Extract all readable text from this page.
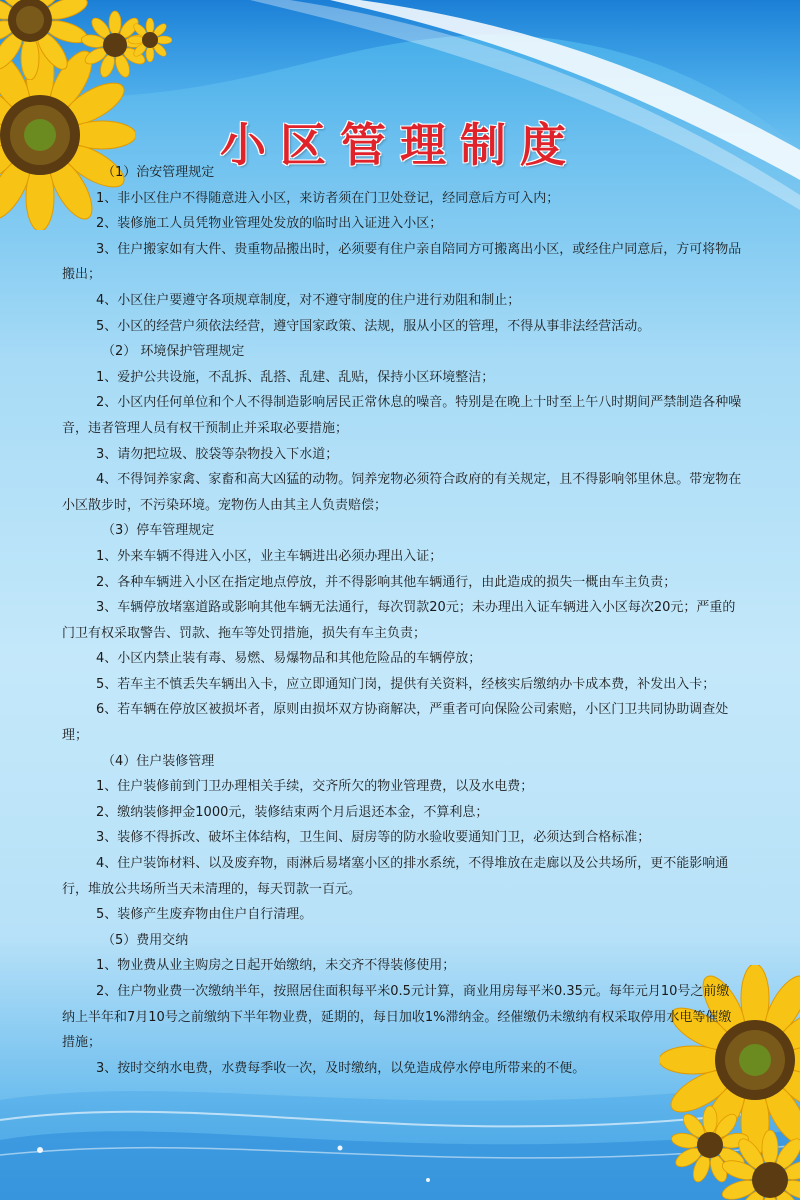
小区管理制度

（1）治安管理规定

1、非小区住户不得随意进入小区，来访者须在门卫处登记，经同意后方可入内；

2、装修施工人员凭物业管理处发放的临时出入证进入小区；

3、住户搬家如有大件、贵重物品搬出时，必须要有住户亲自陪同方可搬离出小区，或经住户同意后，方可将物品搬出；

4、小区住户要遵守各项规章制度，对不遵守制度的住户进行劝阻和制止；

5、小区的经营户须依法经营，遵守国家政策、法规，服从小区的管理，不得从事非法经营活动。

（2） 环境保护管理规定

1、爱护公共设施，不乱拆、乱搭、乱建、乱贴，保持小区环境整洁；

2、小区内任何单位和个人不得制造影响居民正常休息的噪音。特别是在晚上十时至上午八时期间严禁制造各种噪音，违者管理人员有权干预制止并采取必要措施；

3、请勿把垃圾、胶袋等杂物投入下水道；

4、不得饲养家禽、家畜和高大凶猛的动物。饲养宠物必须符合政府的有关规定，且不得影响邻里休息。带宠物在小区散步时，不污染环境。宠物伤人由其主人负责赔偿；

（3）停车管理规定

1、外来车辆不得进入小区，业主车辆进出必须办理出入证；

2、各种车辆进入小区在指定地点停放，并不得影响其他车辆通行，由此造成的损失一概由车主负责；

3、车辆停放堵塞道路或影响其他车辆无法通行，每次罚款20元；未办理出入证车辆进入小区每次20元；严重的门卫有权采取警告、罚款、拖车等处罚措施，损失有车主负责；

4、小区内禁止装有毒、易燃、易爆物品和其他危险品的车辆停放；

5、若车主不慎丢失车辆出入卡，应立即通知门岗，提供有关资料，经核实后缴纳办卡成本费，补发出入卡；

6、若车辆在停放区被损坏者，原则由损坏双方协商解决，严重者可向保险公司索赔，小区门卫共同协助调查处理；

（4）住户装修管理

1、住户装修前到门卫办理相关手续，交齐所欠的物业管理费，以及水电费；

2、缴纳装修押金1000元，装修结束两个月后退还本金，不算利息；

3、装修不得拆改、破坏主体结构，卫生间、厨房等的防水验收要通知门卫，必须达到合格标准；

4、住户装饰材料、以及废弃物，雨淋后易堵塞小区的排水系统，不得堆放在走廊以及公共场所，更不能影响通行，堆放公共场所当天未清理的，每天罚款一百元。

5、装修产生废弃物由住户自行清理。

（5）费用交纳

1、物业费从业主购房之日起开始缴纳，未交齐不得装修使用；

2、住户物业费一次缴纳半年，按照居住面积每平米0.5元计算，商业用房每平米0.35元。每年元月10号之前缴纳上半年和7月10号之前缴纳下半年物业费，延期的，每日加收1%滞纳金。经催缴仍未缴纳有权采取停用水电等催缴措施；

3、按时交纳水电费，水费每季收一次，及时缴纳，以免造成停水停电所带来的不便。
